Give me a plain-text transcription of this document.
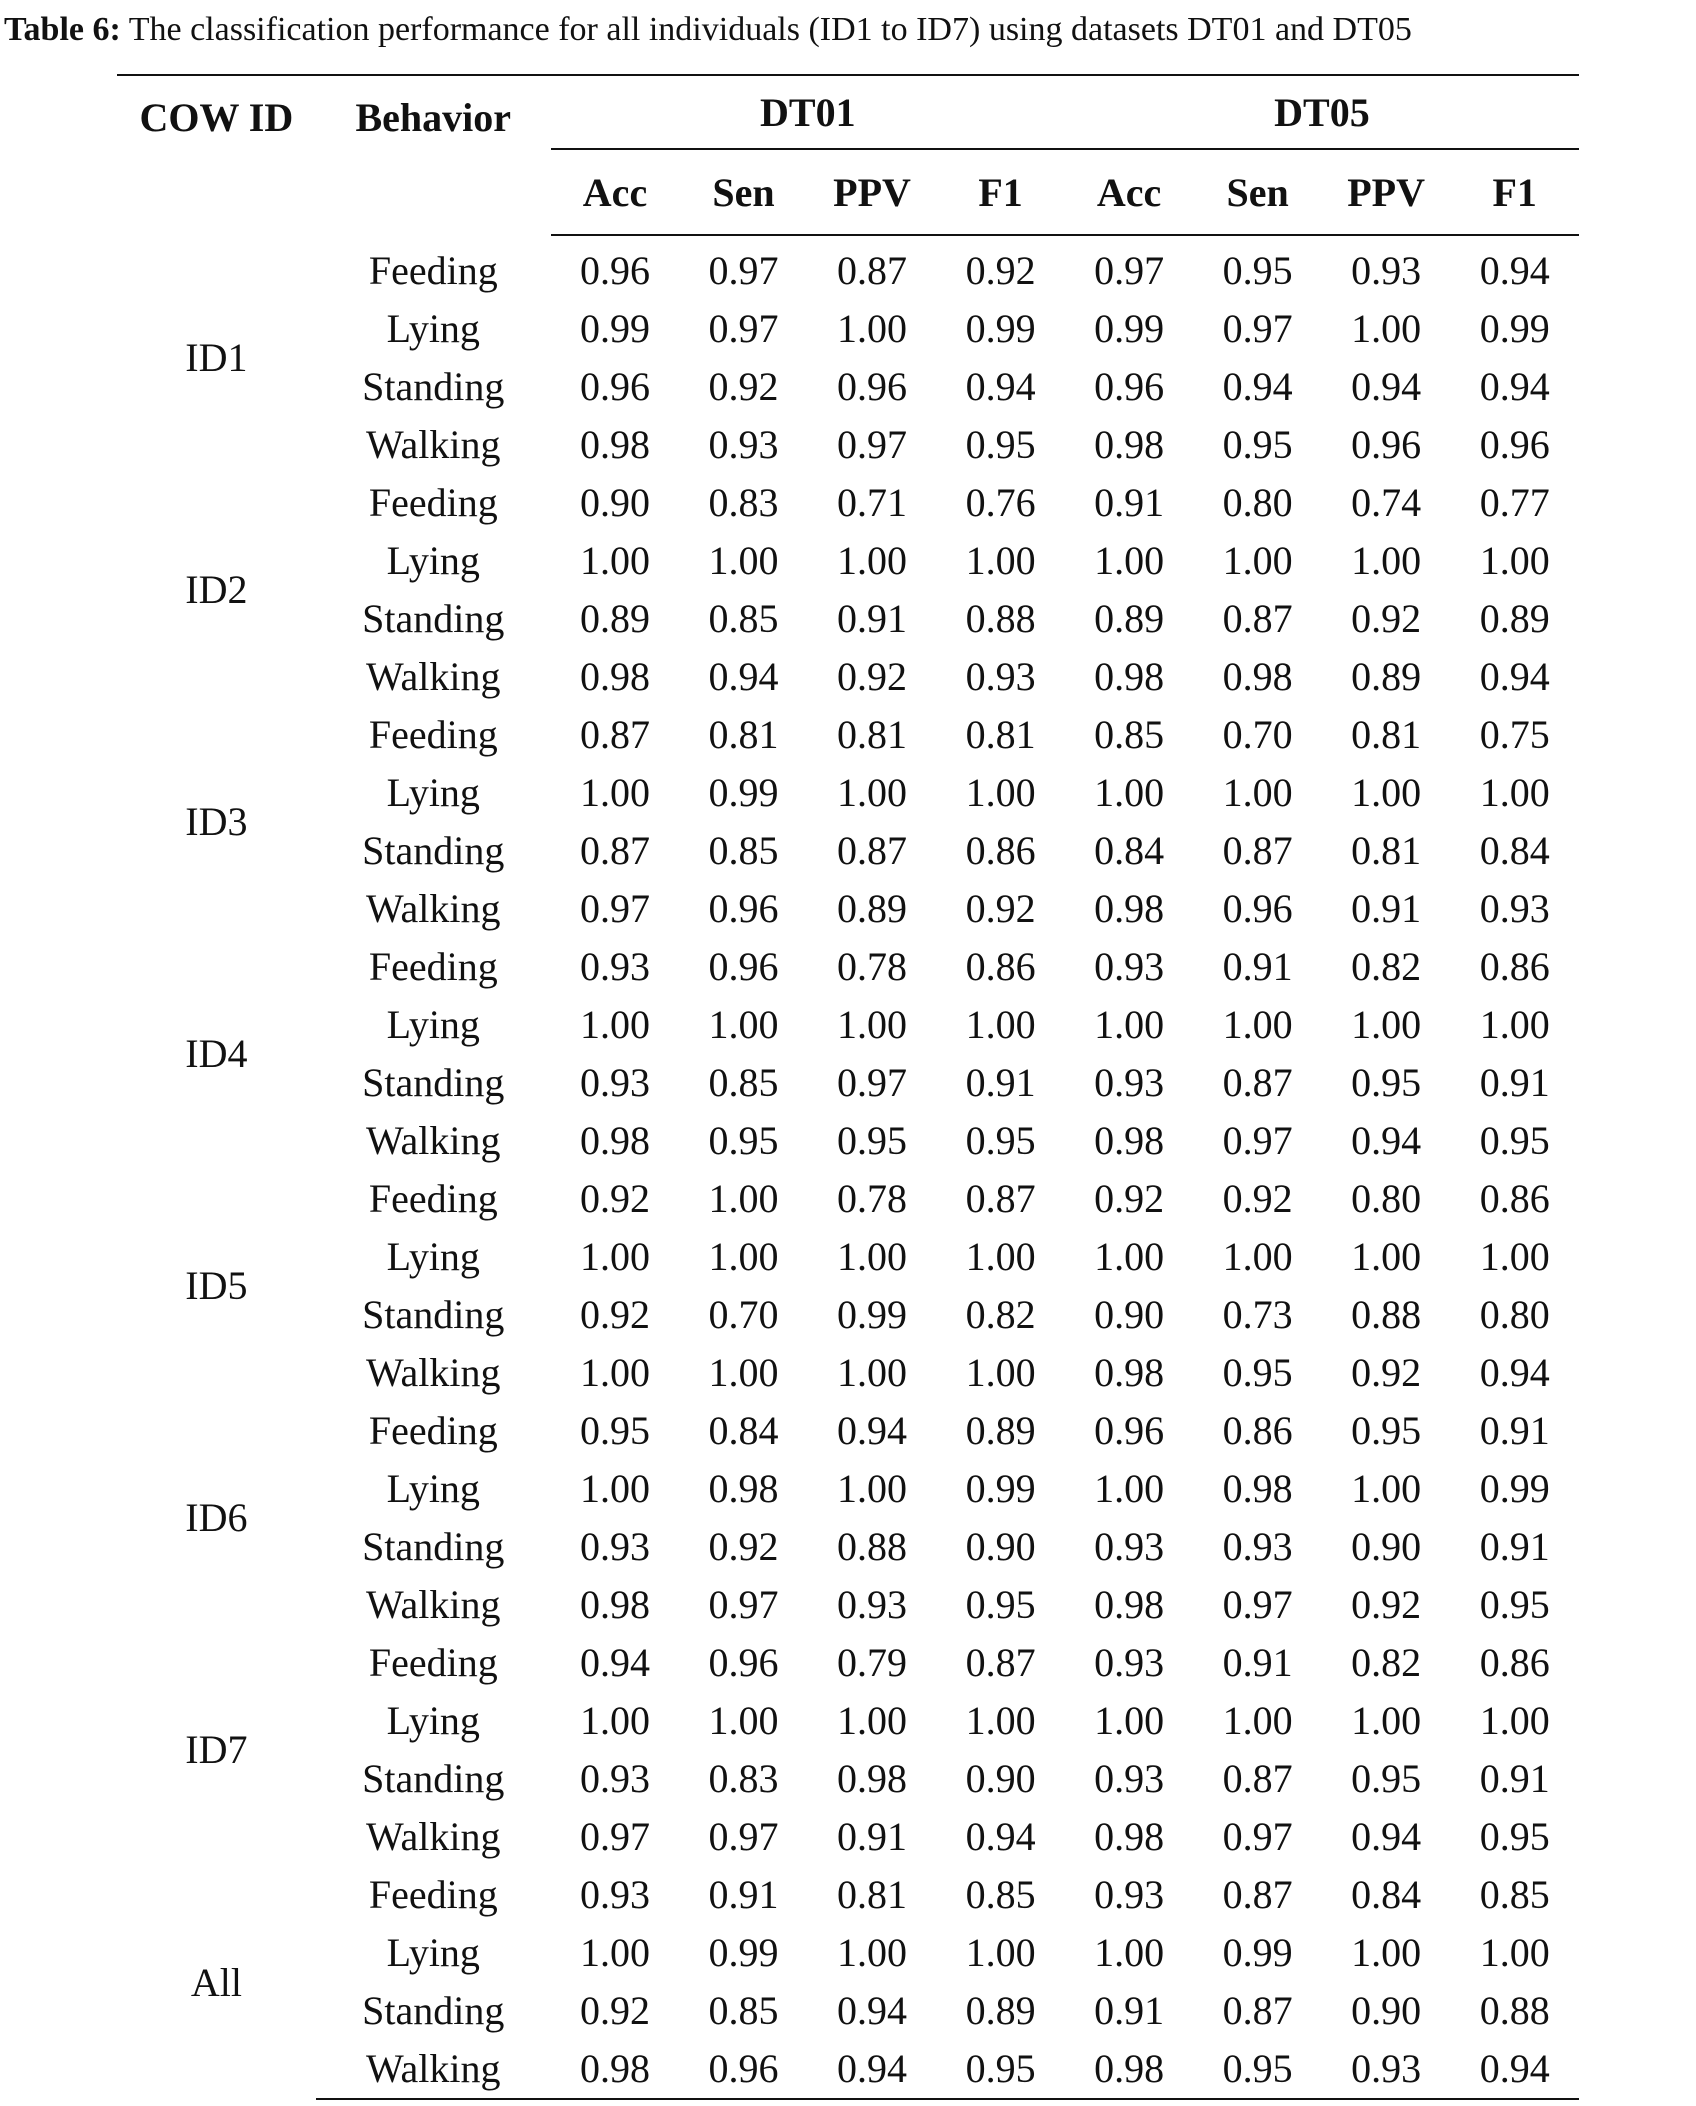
Table 6: The classification performance for all individuals (ID1 to ID7) using datasets DT01 and DT05
COW ID	Behavior	DT01				DT05			
		Acc	Sen	PPV	F1	Acc	Sen	PPV	F1
ID1	Feeding	0.96	0.97	0.87	0.92	0.97	0.95	0.93	0.94
	Lying	0.99	0.97	1.00	0.99	0.99	0.97	1.00	0.99
	Standing	0.96	0.92	0.96	0.94	0.96	0.94	0.94	0.94
	Walking	0.98	0.93	0.97	0.95	0.98	0.95	0.96	0.96
ID2	Feeding	0.90	0.83	0.71	0.76	0.91	0.80	0.74	0.77
	Lying	1.00	1.00	1.00	1.00	1.00	1.00	1.00	1.00
	Standing	0.89	0.85	0.91	0.88	0.89	0.87	0.92	0.89
	Walking	0.98	0.94	0.92	0.93	0.98	0.98	0.89	0.94
ID3	Feeding	0.87	0.81	0.81	0.81	0.85	0.70	0.81	0.75
	Lying	1.00	0.99	1.00	1.00	1.00	1.00	1.00	1.00
	Standing	0.87	0.85	0.87	0.86	0.84	0.87	0.81	0.84
	Walking	0.97	0.96	0.89	0.92	0.98	0.96	0.91	0.93
ID4	Feeding	0.93	0.96	0.78	0.86	0.93	0.91	0.82	0.86
	Lying	1.00	1.00	1.00	1.00	1.00	1.00	1.00	1.00
	Standing	0.93	0.85	0.97	0.91	0.93	0.87	0.95	0.91
	Walking	0.98	0.95	0.95	0.95	0.98	0.97	0.94	0.95
ID5	Feeding	0.92	1.00	0.78	0.87	0.92	0.92	0.80	0.86
	Lying	1.00	1.00	1.00	1.00	1.00	1.00	1.00	1.00
	Standing	0.92	0.70	0.99	0.82	0.90	0.73	0.88	0.80
	Walking	1.00	1.00	1.00	1.00	0.98	0.95	0.92	0.94
ID6	Feeding	0.95	0.84	0.94	0.89	0.96	0.86	0.95	0.91
	Lying	1.00	0.98	1.00	0.99	1.00	0.98	1.00	0.99
	Standing	0.93	0.92	0.88	0.90	0.93	0.93	0.90	0.91
	Walking	0.98	0.97	0.93	0.95	0.98	0.97	0.92	0.95
ID7	Feeding	0.94	0.96	0.79	0.87	0.93	0.91	0.82	0.86
	Lying	1.00	1.00	1.00	1.00	1.00	1.00	1.00	1.00
	Standing	0.93	0.83	0.98	0.90	0.93	0.87	0.95	0.91
	Walking	0.97	0.97	0.91	0.94	0.98	0.97	0.94	0.95
All	Feeding	0.93	0.91	0.81	0.85	0.93	0.87	0.84	0.85
	Lying	1.00	0.99	1.00	1.00	1.00	0.99	1.00	1.00
	Standing	0.92	0.85	0.94	0.89	0.91	0.87	0.90	0.88
	Walking	0.98	0.96	0.94	0.95	0.98	0.95	0.93	0.94
